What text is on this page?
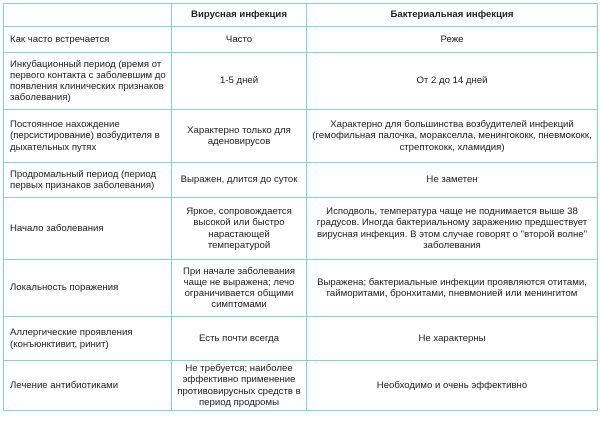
	Вирусная инфекция	Бактериальная инфекция
Как часто встречается	Часто	Реже
Инкубационный период (время от первого контакта с заболевшим до появления клинических признаков заболевания)	1-5 дней	От 2 до 14 дней
Постоянное нахождение (персистирование) возбудителя в дыхательных путях	Характерно только для аденовирусов	Характерно для большинства возбудителей инфекций (гемофильная палочка, моракселла, менингококк, пневмококк, стрептококк, хламидия)
Продромальный период (период первых признаков заболевания)	Выражен, длится до суток	Не заметен
Начало заболевания	Яркое, сопровождается высокой или быстро нарастающей температурой	Исподволь, температура чаще не поднимается выше 38 градусов. Иногда бактериальному заражению предшествует вирусная инфекция. В этом случае говорят о "второй волне" заболевания
Локальность поражения	При начале заболевания чаще не выражена; лечо ограничивается общими симптомами	Выражена; бактериальные инфекции проявляются отитами, гайморитами, бронхитами, пневмонией или менингитом
Аллергические проявления (конъюнктивит, ринит)	Есть почти всегда	Не характерны
Лечение антибиотиками	Не требуется; наиболее эффективно применение противовирусных средств в период продромы	Необходимо и очень эффективно
